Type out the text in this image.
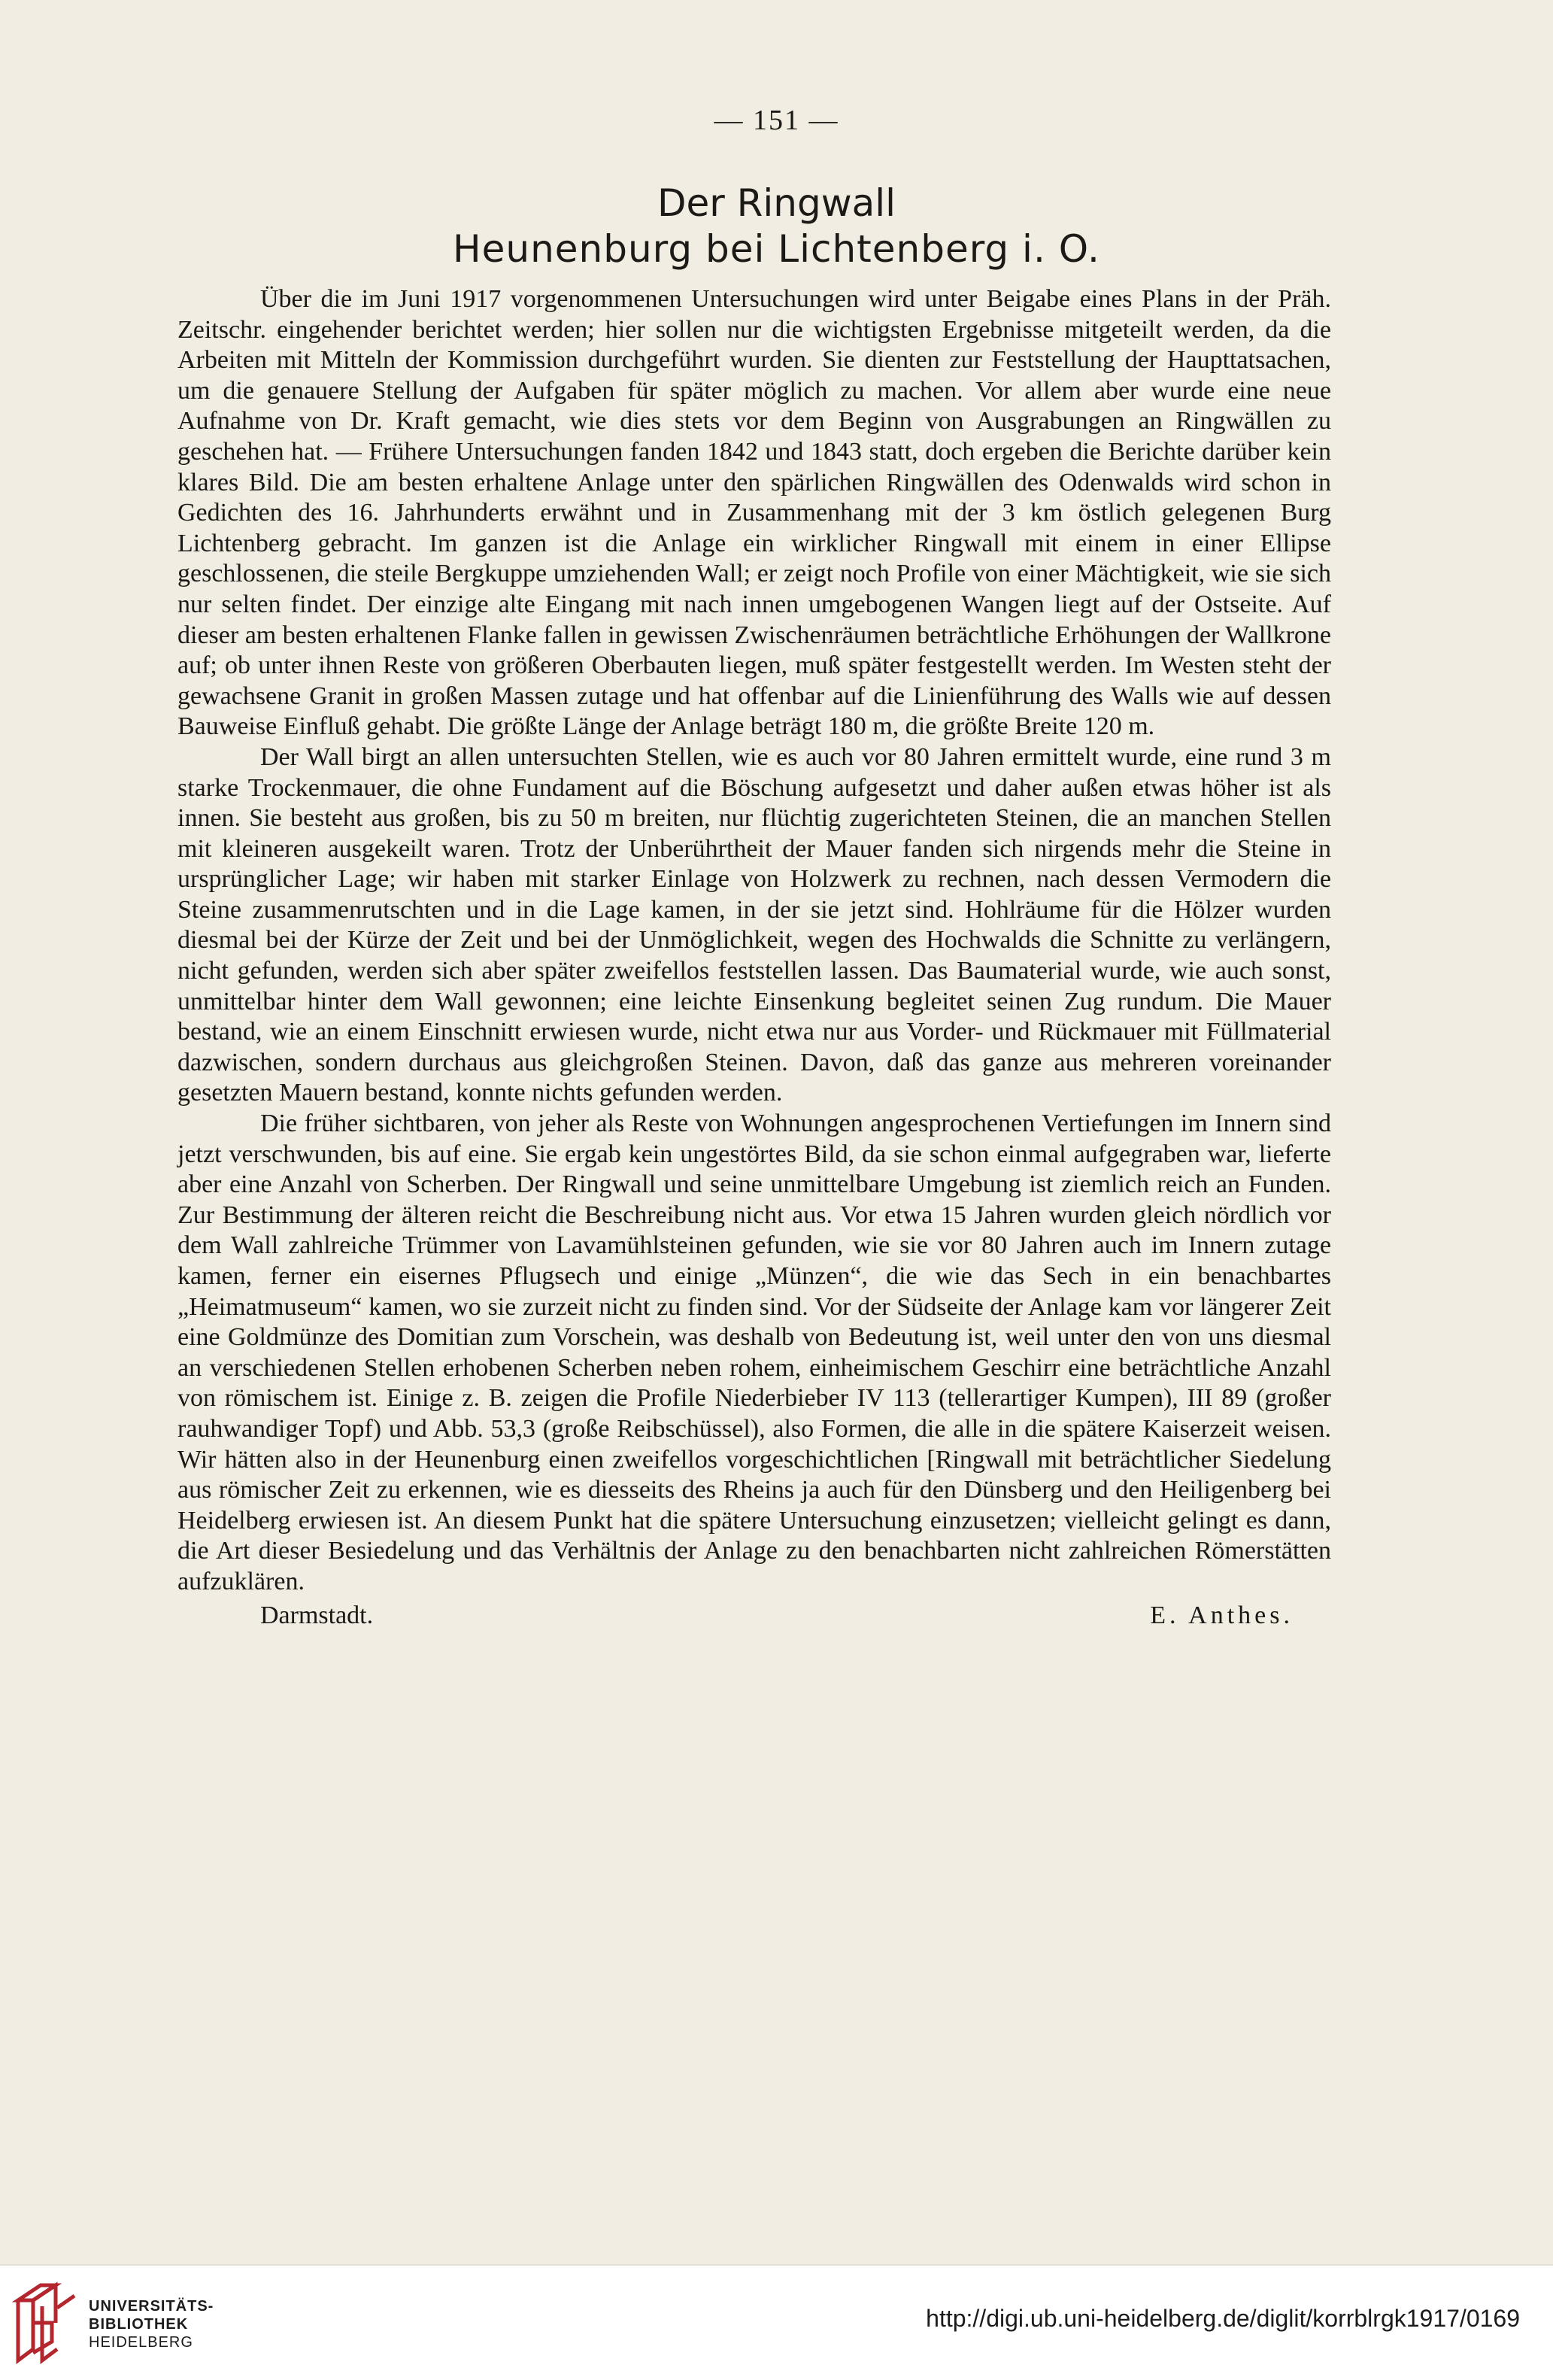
— 151 —
Der Ringwall
Heunenburg bei Lichtenberg i. O.

Über die im Juni 1917 vorgenommenen Untersuchungen wird unter Beigabe eines Plans in der Präh. Zeitschr. eingehender berichtet werden; hier sollen nur die wichtigsten Ergebnisse mitgeteilt werden, da die Arbeiten mit Mitteln der Kommission durchgeführt wurden. Sie dienten zur Feststellung der Haupttatsachen, um die genauere Stellung der Aufgaben für später möglich zu machen. Vor allem aber wurde eine neue Aufnahme von Dr. Kraft gemacht, wie dies stets vor dem Beginn von Ausgrabungen an Ringwällen zu geschehen hat. — Frühere Untersuchungen fanden 1842 und 1843 statt, doch ergeben die Berichte darüber kein klares Bild. Die am besten erhaltene Anlage unter den spärlichen Ringwällen des Odenwalds wird schon in Gedichten des 16. Jahrhunderts erwähnt und in Zusammenhang mit der 3 km östlich gelegenen Burg Lichtenberg gebracht. Im ganzen ist die Anlage ein wirklicher Ringwall mit einem in einer Ellipse geschlossenen, die steile Bergkuppe umziehenden Wall; er zeigt noch Profile von einer Mächtigkeit, wie sie sich nur selten findet. Der einzige alte Eingang mit nach innen umgebogenen Wangen liegt auf der Ostseite. Auf dieser am besten erhaltenen Flanke fallen in gewissen Zwischenräumen beträchtliche Erhöhungen der Wallkrone auf; ob unter ihnen Reste von größeren Oberbauten liegen, muß später festgestellt werden. Im Westen steht der gewachsene Granit in großen Massen zutage und hat offenbar auf die Linienführung des Walls wie auf dessen Bauweise Einfluß gehabt. Die größte Länge der Anlage beträgt 180 m, die größte Breite 120 m.

Der Wall birgt an allen untersuchten Stellen, wie es auch vor 80 Jahren ermittelt wurde, eine rund 3 m starke Trockenmauer, die ohne Fundament auf die Böschung aufgesetzt und daher außen etwas höher ist als innen. Sie besteht aus großen, bis zu 50 m breiten, nur flüchtig zugerichteten Steinen, die an manchen Stellen mit kleineren ausgekeilt waren. Trotz der Unberührtheit der Mauer fanden sich nirgends mehr die Steine in ursprünglicher Lage; wir haben mit starker Einlage von Holzwerk zu rechnen, nach dessen Vermodern die Steine zusammenrutschten und in die Lage kamen, in der sie jetzt sind. Hohlräume für die Hölzer wurden diesmal bei der Kürze der Zeit und bei der Unmöglichkeit, wegen des Hochwalds die Schnitte zu verlängern, nicht gefunden, werden sich aber später zweifellos feststellen lassen. Das Baumaterial wurde, wie auch sonst, unmittelbar hinter dem Wall gewonnen; eine leichte Einsenkung begleitet seinen Zug rundum. Die Mauer bestand, wie an einem Einschnitt erwiesen wurde, nicht etwa nur aus Vorder- und Rückmauer mit Füllmaterial dazwischen, sondern durchaus aus gleichgroßen Steinen. Davon, daß das ganze aus mehreren voreinander gesetzten Mauern bestand, konnte nichts gefunden werden.

Die früher sichtbaren, von jeher als Reste von Wohnungen angesprochenen Vertiefungen im Innern sind jetzt verschwunden, bis auf eine. Sie ergab kein ungestörtes Bild, da sie schon einmal aufgegraben war, lieferte aber eine Anzahl von Scherben. Der Ringwall und seine unmittelbare Umgebung ist ziemlich reich an Funden. Zur Bestimmung der älteren reicht die Beschreibung nicht aus. Vor etwa 15 Jahren wurden gleich nördlich vor dem Wall zahlreiche Trümmer von Lavamühlsteinen gefunden, wie sie vor 80 Jahren auch im Innern zutage kamen, ferner ein eisernes Pflugsech und einige „Münzen“, die wie das Sech in ein benachbartes „Heimatmuseum“ kamen, wo sie zurzeit nicht zu finden sind. Vor der Südseite der Anlage kam vor längerer Zeit eine Goldmünze des Domitian zum Vorschein, was deshalb von Bedeutung ist, weil unter den von uns diesmal an verschiedenen Stellen erhobenen Scherben neben rohem, einheimischem Geschirr eine beträchtliche Anzahl von römischem ist. Einige z. B. zeigen die Profile Niederbieber IV 113 (tellerartiger Kumpen), III 89 (großer rauhwandiger Topf) und Abb. 53,3 (große Reibschüssel), also Formen, die alle in die spätere Kaiserzeit weisen. Wir hätten also in der Heunenburg einen zweifellos vorgeschichtlichen [Ringwall mit beträchtlicher Siedelung aus römischer Zeit zu erkennen, wie es diesseits des Rheins ja auch für den Dünsberg und den Heiligenberg bei Heidelberg erwiesen ist. An diesem Punkt hat die spätere Untersuchung einzusetzen; vielleicht gelingt es dann, die Art dieser Besiedelung und das Verhältnis der Anlage zu den benachbarten nicht zahlreichen Römerstätten aufzuklären.

Darmstadt.	E. Anthes.
UNIVERSITÄTS-
BIBLIOTHEK
HEIDELBERG
http://digi.ub.uni-heidelberg.de/diglit/korrblrgk1917/0169
